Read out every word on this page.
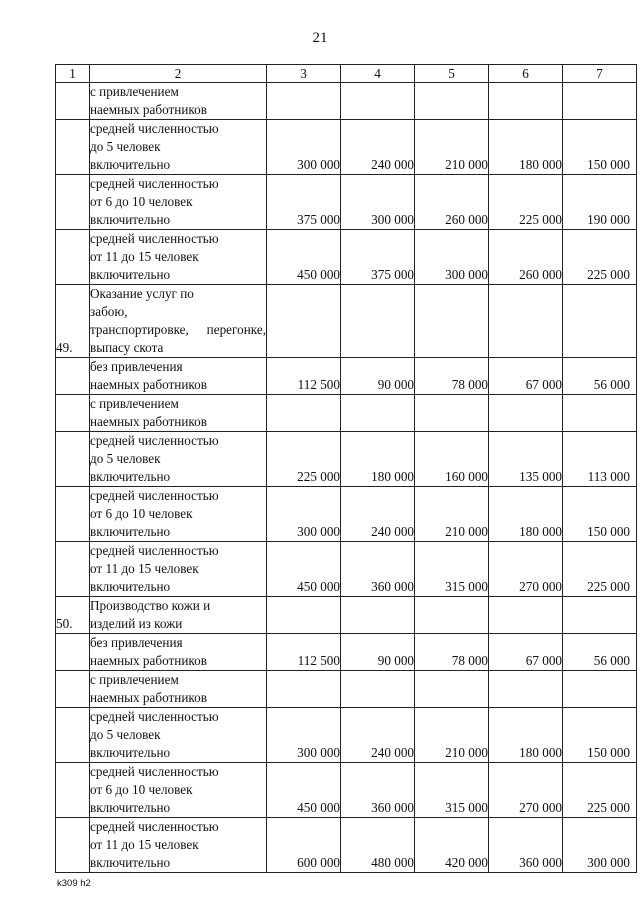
21
1	2	3	4	5	6	7

	с привлечением
наемных работников					

	средней численностью
до 5 человек
включительно	300 000	240 000	210 000	180 000	150 000

	средней численностью
от 6 до 10 человек
включительно	375 000	300 000	260 000	225 000	190 000

	средней численностью
от 11 до 15 человек
включительно	450 000	375 000	300 000	260 000	225 000
49.	Оказание услуг по
забою,
транспортировке, перегонке, выпасу скота					

	без привлечения
наемных работников	112 500	90 000	78 000	67 000	56 000

	с привлечением
наемных работников					

	средней численностью
до 5 человек
включительно	225 000	180 000	160 000	135 000	113 000

	средней численностью
от 6 до 10 человек
включительно	300 000	240 000	210 000	180 000	150 000

	средней численностью
от 11 до 15 человек
включительно	450 000	360 000	315 000	270 000	225 000
50.	Производство кожи и
изделий из кожи					

	без привлечения
наемных работников	112 500	90 000	78 000	67 000	56 000

	с привлечением
наемных работников					

	средней численностью
до 5 человек
включительно	300 000	240 000	210 000	180 000	150 000

	средней численностью
от 6 до 10 человек
включительно	450 000	360 000	315 000	270 000	225 000

	средней численностью
от 11 до 15 человек
включительно	600 000	480 000	420 000	360 000	300 000
k309 h2
